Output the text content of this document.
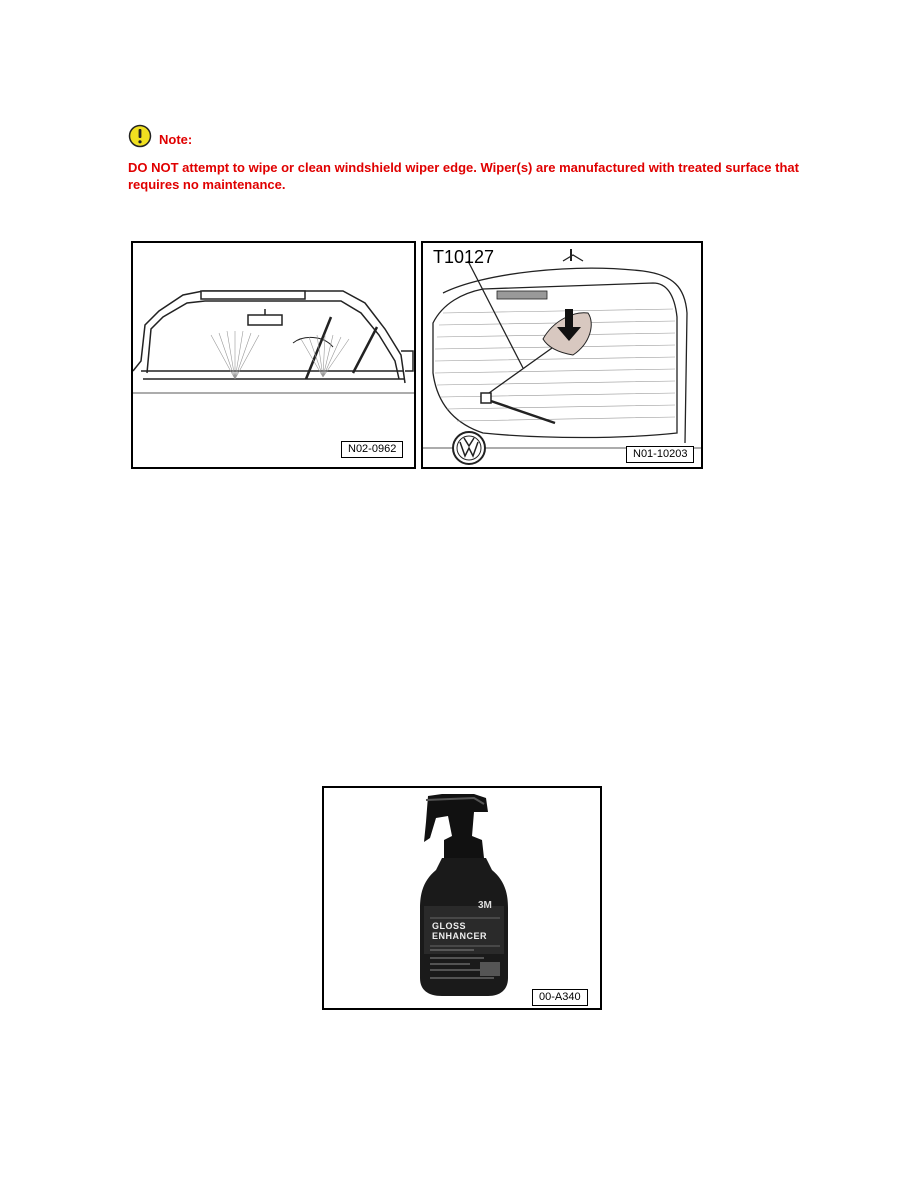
Note:
DO NOT attempt to wipe or clean windshield wiper edge. Wiper(s) are manufactured with treated surface that requires no maintenance.
N02-0962
T10127
N01-10203
3M
GLOSS
ENHANCER
00-A340
